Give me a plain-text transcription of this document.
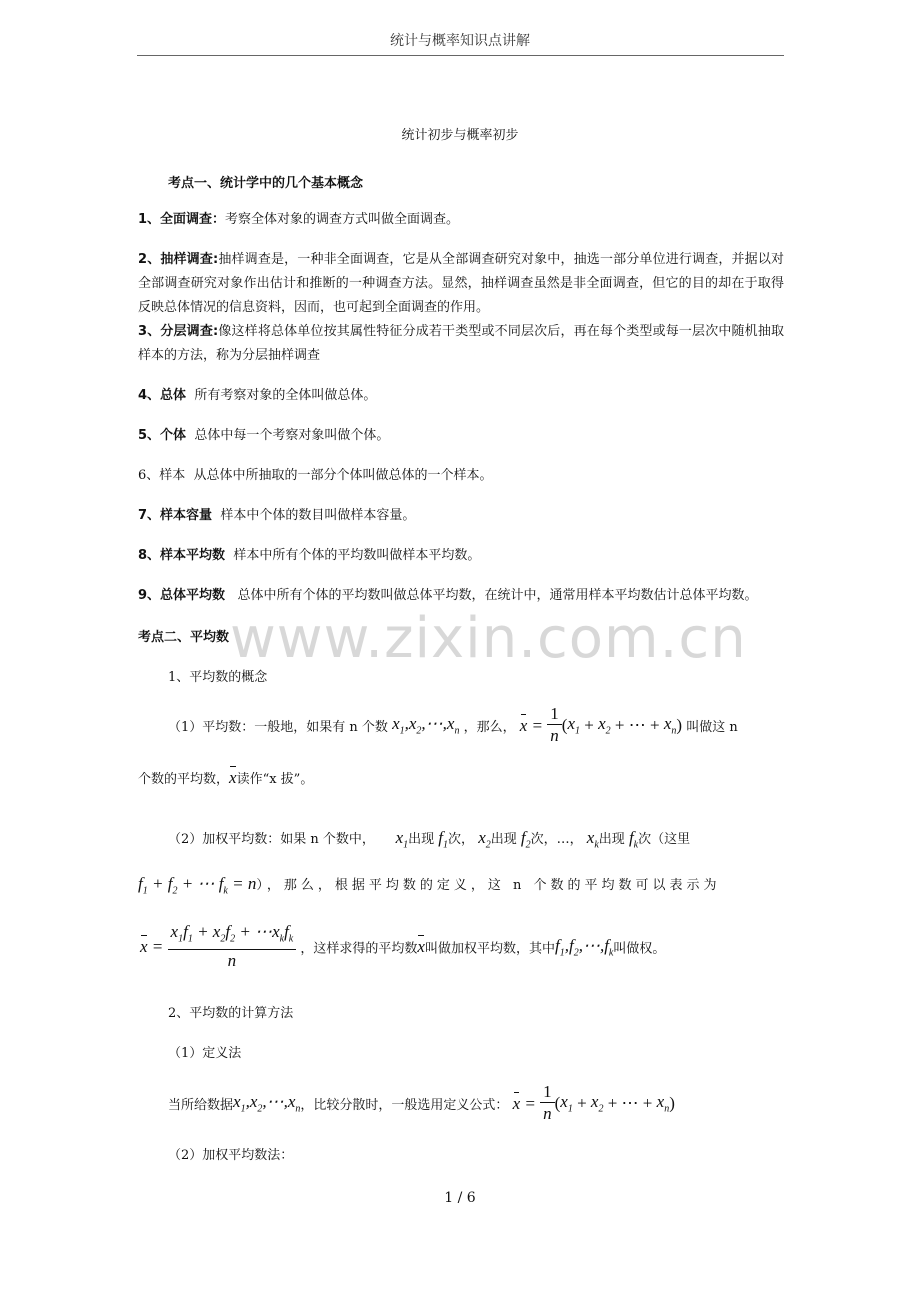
统计与概率知识点讲解
统计初步与概率初步
考点一、统计学中的几个基本概念
1、全面调查：考察全体对象的调查方式叫做全面调查。
2、抽样调查:抽样调查是，一种非全面调查，它是从全部调查研究对象中，抽选一部分单位进行调查，并据以对全部调查研究对象作出估计和推断的一种调查方法。显然，抽样调查虽然是非全面调查，但它的目的却在于取得反映总体情况的信息资料，因而，也可起到全面调查的作用。
3、分层调查:像这样将总体单位按其属性特征分成若干类型或不同层次后，再在每个类型或每一层次中随机抽取样本的方法，称为分层抽样调查
4、总体 所有考察对象的全体叫做总体。
5、个体 总体中每一个考察对象叫做个体。
6、样本 从总体中所抽取的一部分个体叫做总体的一个样本。
7、样本容量 样本中个体的数目叫做样本容量。
8、样本平均数 样本中所有个体的平均数叫做样本平均数。
9、总体平均数 总体中所有个体的平均数叫做总体平均数，在统计中，通常用样本平均数估计总体平均数。
www.zixin.com.cn
考点二、平均数
1、平均数的概念
（1）平均数：一般地，如果有 n 个数 $x_1,x_2,\cdots,x_n$ ，那么， $x = \frac{1}{n} (x_1 + x_2$ + ⋯ + $x_n$) 叫做这 n
个数的平均数，x读作“x 拔”。
（2）加权平均数：如果 n 个数中， $x_1$出现 $f_1$次， $x_2$出现 $f_2$次，…， $x_k$出现 $f_k$次（这里
$f_1 + f_2$ + ⋯ $f_k = n$），那么，根据平均数的定义，这 n 个数的平均数可以表示为
$x = \frac{x_1f_1 + x_2f_2 + \cdots x_kf_k}{n}$ ，这样求得的平均数x叫做加权平均数，其中$f_1,f_2,\cdots,f_k$叫做权。
2、平均数的计算方法
（1）定义法
当所给数据$x_1,x_2,\cdots,x_n$，比较分散时，一般选用定义公式： $x = \frac{1}{n} (x_1 + x_2$ + ⋯ + $x_n$)
（2）加权平均数法：
1 / 6
